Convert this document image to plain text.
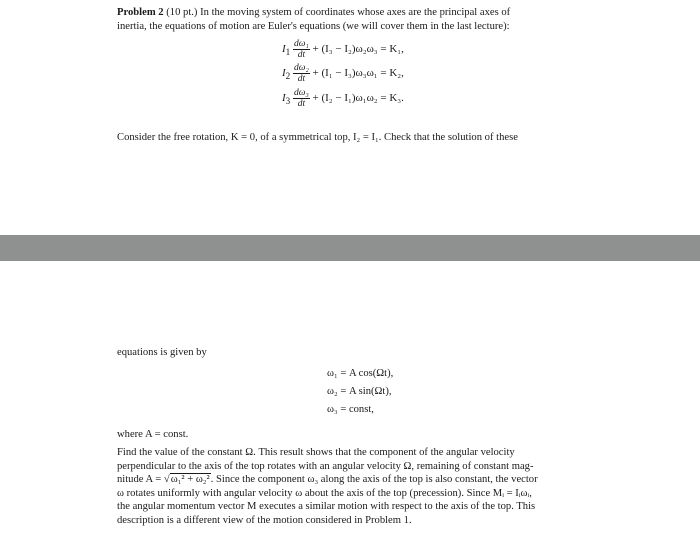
Problem 2 (10 pt.) In the moving system of coordinates whose axes are the principal axes of
inertia, the equations of motion are Euler's equations (we will cover them in the last lecture):
$I_1 \frac{\text{dω₁}}{dt} + (I_3 - I_2)\omega_2\omega_3 = K_1$,
$I_2 \frac{\text{dω₂}}{dt} + (I_1 - I_3)\omega_3\omega_1 = K_2$,
$I_3 \frac{\text{dω₃}}{dt} + (I_2 - I_1)\omega_1\omega_2 = K_3$.
Consider the free rotation, K = 0, of a symmetrical top, I₂ = I₁. Check that the solution of these
equations is given by
ω₁ = A cos(Ωt),
ω₂ = A sin(Ωt),
ω₃ = const,
where A = const.
Find the value of the constant Ω. This result shows that the component of the angular velocity
perpendicular to the axis of the top rotates with an angular velocity Ω, remaining of constant mag-
nitude A = √ω₁² + ω₂². Since the component ω₃ along the axis of the top is also constant, the vector
ω rotates uniformly with angular velocity ω about the axis of the top (precession). Since Mᵢ = Iᵢωᵢ,
the angular momentum vector M executes a similar motion with respect to the axis of the top. This
description is a different view of the motion considered in Problem 1.
